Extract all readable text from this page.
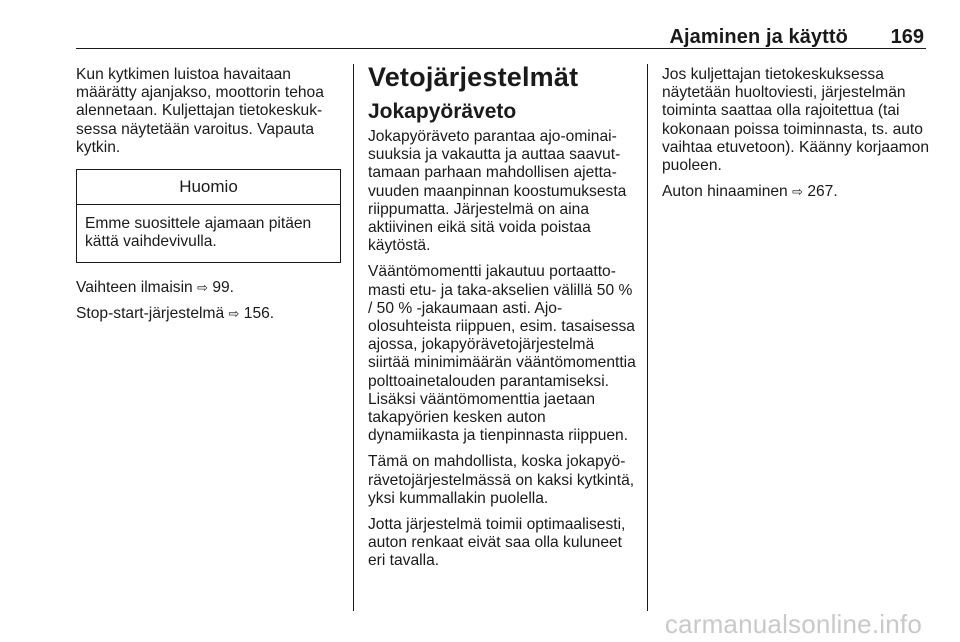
Ajaminen ja käyttö 169

Kun kytkimen luistoa havaitaan määrätty ajanjakso, moottorin tehoa alennetaan. Kuljettajan tietokeskuksessa näytetään varoitus. Vapauta kytkin.

Huomio
Emme suosittele ajamaan pitäen kättä vaihdevivulla.

Vaihteen ilmaisin ⇨ 99.

Stop-start-järjestelmä ⇨ 156.

Vetojärjestelmät
Jokapyöräveto

Jokapyöräveto parantaa ajo-ominaisuuksia ja vakautta ja auttaa saavuttamaan parhaan mahdollisen ajettavuuden maanpinnan koostumuksesta riippumatta. Järjestelmä on aina aktiivinen eikä sitä voida poistaa käytöstä.

Vääntömomentti jakautuu portaattomasti etu- ja taka-akselien välillä 50 % / 50 % -jakaumaan asti. Ajo-olosuhteista riippuen, esim. tasaisessa ajossa, jokapyörävetojärjestelmä siirtää minimimäärän vääntömomenttia polttoainetalouden parantamiseksi. Lisäksi vääntömomenttia jaetaan takapyörien kesken auton dynamiikasta ja tienpinnasta riippuen.

Tämä on mahdollista, koska jokapyörävetojärjestelmässä on kaksi kytkintä, yksi kummallakin puolella.

Jotta järjestelmä toimii optimaalisesti, auton renkaat eivät saa olla kuluneet eri tavalla.

Jos kuljettajan tietokeskuksessa näytetään huoltoviesti, järjestelmän toiminta saattaa olla rajoitettua (tai kokonaan poissa toiminnasta, ts. auto vaihtaa etuvetoon). Käänny korjaamon puoleen.

Auton hinaaminen ⇨ 267.

carmanualsonline.info
